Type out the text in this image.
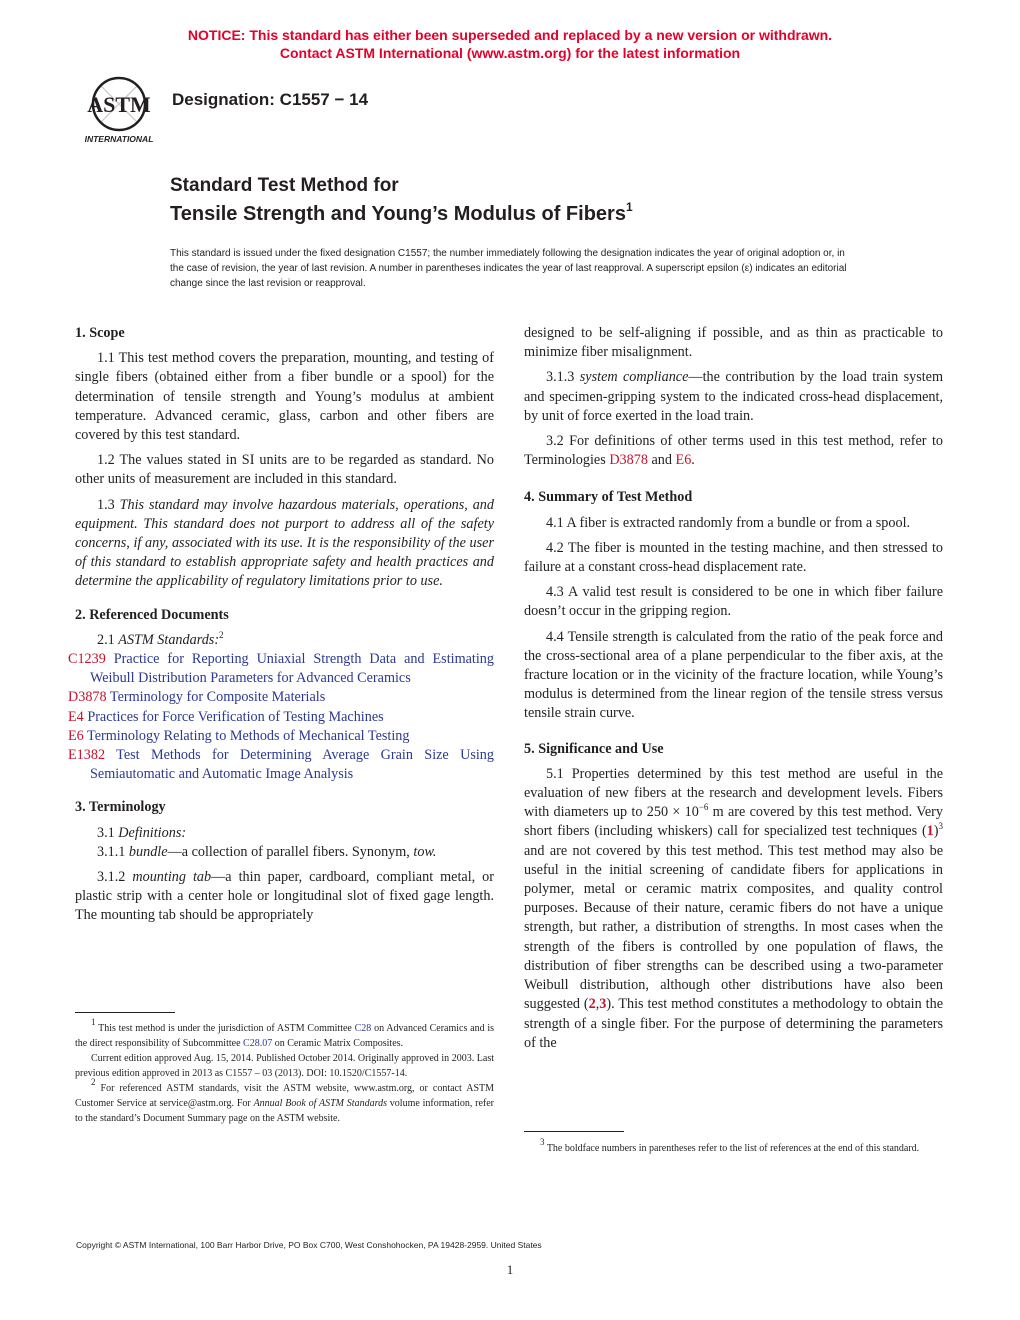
NOTICE: This standard has either been superseded and replaced by a new version or withdrawn.
Contact ASTM International (www.astm.org) for the latest information
ASTM
INTERNATIONAL
Designation: C1557 − 14
Standard Test Method for
Tensile Strength and Young’s Modulus of Fibers$^1$
This standard is issued under the fixed designation C1557; the number immediately following the designation indicates the year of original adoption or, in the case of revision, the year of last revision. A number in parentheses indicates the year of last reapproval. A superscript epsilon (ε) indicates an editorial change since the last revision or reapproval.
1. Scope

1.1 This test method covers the preparation, mounting, and testing of single fibers (obtained either from a fiber bundle or a spool) for the determination of tensile strength and Young’s modulus at ambient temperature. Advanced ceramic, glass, carbon and other fibers are covered by this test standard.

1.2 The values stated in SI units are to be regarded as standard. No other units of measurement are included in this standard.

1.3 This standard may involve hazardous materials, operations, and equipment. This standard does not purport to address all of the safety concerns, if any, associated with its use. It is the responsibility of the user of this standard to establish appropriate safety and health practices and determine the applicability of regulatory limitations prior to use.

2. Referenced Documents

2.1 ASTM Standards:$^2$

C1239 Practice for Reporting Uniaxial Strength Data and Estimating Weibull Distribution Parameters for Advanced Ceramics

D3878 Terminology for Composite Materials

E4 Practices for Force Verification of Testing Machines

E6 Terminology Relating to Methods of Mechanical Testing

E1382 Test Methods for Determining Average Grain Size Using Semiautomatic and Automatic Image Analysis

3. Terminology

3.1 Definitions:

3.1.1 bundle—a collection of parallel fibers. Synonym, tow.

3.1.2 mounting tab—a thin paper, cardboard, compliant metal, or plastic strip with a center hole or longitudinal slot of fixed gage length. The mounting tab should be appropriately

designed to be self-aligning if possible, and as thin as practicable to minimize fiber misalignment.

3.1.3 system compliance—the contribution by the load train system and specimen-gripping system to the indicated cross-head displacement, by unit of force exerted in the load train.

3.2 For definitions of other terms used in this test method, refer to Terminologies D3878 and E6.

4. Summary of Test Method

4.1 A fiber is extracted randomly from a bundle or from a spool.

4.2 The fiber is mounted in the testing machine, and then stressed to failure at a constant cross-head displacement rate.

4.3 A valid test result is considered to be one in which fiber failure doesn’t occur in the gripping region.

4.4 Tensile strength is calculated from the ratio of the peak force and the cross-sectional area of a plane perpendicular to the fiber axis, at the fracture location or in the vicinity of the fracture location, while Young’s modulus is determined from the linear region of the tensile stress versus tensile strain curve.

5. Significance and Use

5.1 Properties determined by this test method are useful in the evaluation of new fibers at the research and development levels. Fibers with diameters up to $250 \times 10^{-6}$ m are covered by this test method. Very short fibers (including whiskers) call for specialized test techniques $(1)^3$ and are not covered by this test method. This test method may also be useful in the initial screening of candidate fibers for applications in polymer, metal or ceramic matrix composites, and quality control purposes. Because of their nature, ceramic fibers do not have a unique strength, but rather, a distribution of strengths. In most cases when the strength of the fibers is controlled by one population of flaws, the distribution of fiber strengths can be described using a two-parameter Weibull distribution, although other distributions have also been suggested (2,3). This test method constitutes a methodology to obtain the strength of a single fiber. For the purpose of determining the parameters of the

$^1$ This test method is under the jurisdiction of ASTM Committee C28 on Advanced Ceramics and is the direct responsibility of Subcommittee C28.07 on Ceramic Matrix Composites.

Current edition approved Aug. 15, 2014. Published October 2014. Originally approved in 2003. Last previous edition approved in 2013 as C1557 – 03 (2013). DOI: 10.1520/C1557-14.

$^2$ For referenced ASTM standards, visit the ASTM website, www.astm.org, or contact ASTM Customer Service at service@astm.org. For Annual Book of ASTM Standards volume information, refer to the standard’s Document Summary page on the ASTM website.

$^3$ The boldface numbers in parentheses refer to the list of references at the end of this standard.

Copyright © ASTM International, 100 Barr Harbor Drive, PO Box C700, West Conshohocken, PA 19428-2959. United States
1
